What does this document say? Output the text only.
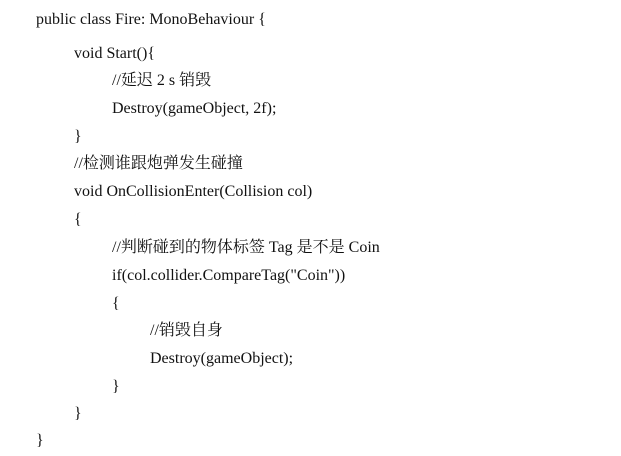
public class Fire: MonoBehaviour {
void Start(){
//延迟 2 s 销毁
Destroy(gameObject, 2f);
}
//检测谁跟炮弹发生碰撞
void OnCollisionEnter(Collision col)
{
//判断碰到的物体标签 Tag 是不是 Coin
if(col.collider.CompareTag("Coin"))
{
//销毁自身
Destroy(gameObject);
}
}
}
